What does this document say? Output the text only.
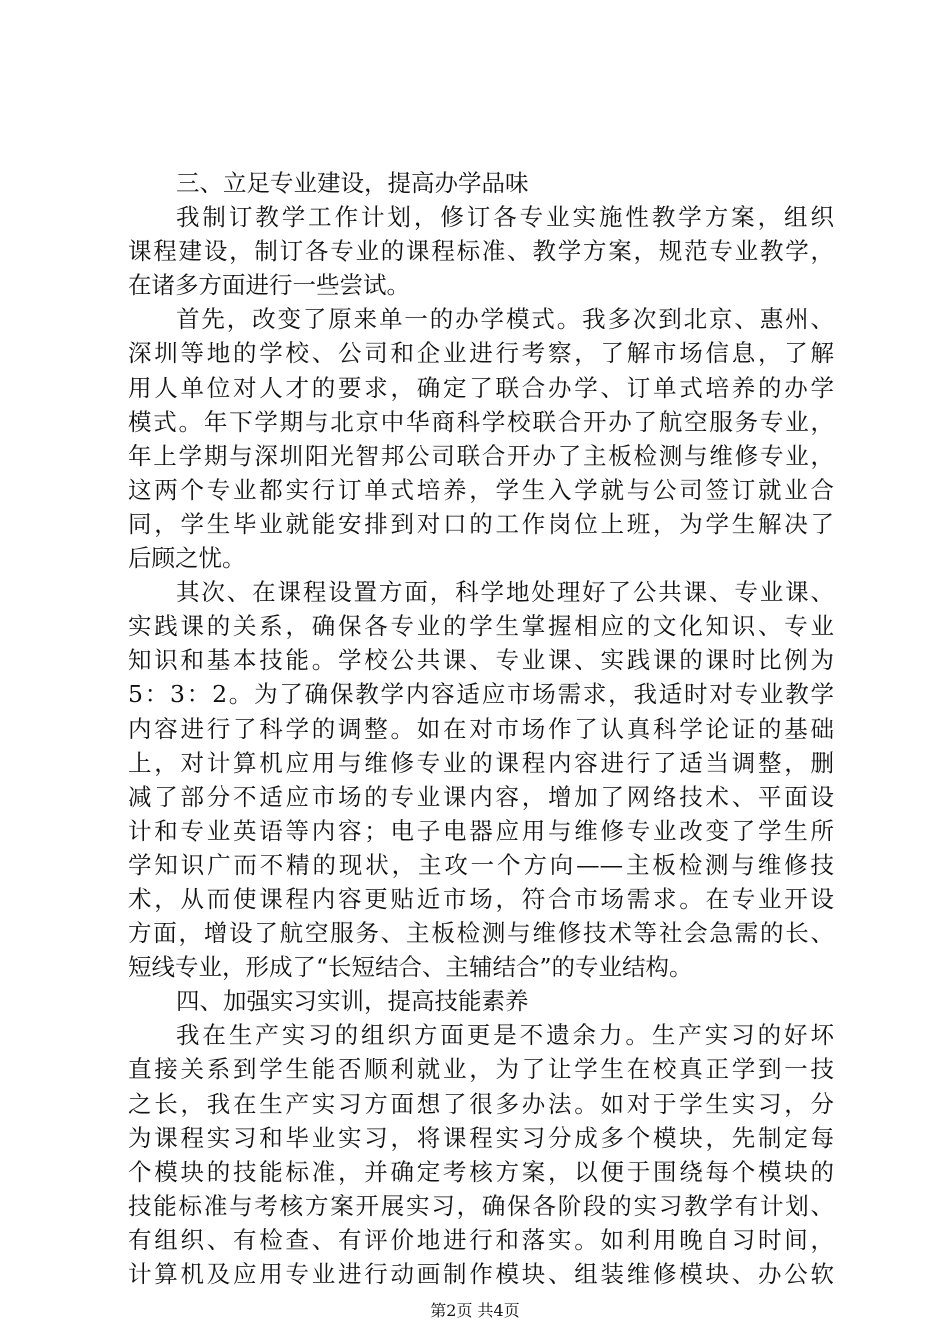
三、立足专业建设，提高办学品味
我制订教学工作计划，修订各专业实施性教学方案，组织
课程建设，制订各专业的课程标准、教学方案，规范专业教学，
在诸多方面进行一些尝试。
首先，改变了原来单一的办学模式。我多次到北京、惠州、
深圳等地的学校、公司和企业进行考察，了解市场信息，了解
用人单位对人才的要求，确定了联合办学、订单式培养的办学
模式。年下学期与北京中华商科学校联合开办了航空服务专业，
年上学期与深圳阳光智邦公司联合开办了主板检测与维修专业，
这两个专业都实行订单式培养，学生入学就与公司签订就业合
同，学生毕业就能安排到对口的工作岗位上班，为学生解决了
后顾之忧。
其次、在课程设置方面，科学地处理好了公共课、专业课、
实践课的关系，确保各专业的学生掌握相应的文化知识、专业
知识和基本技能。学校公共课、专业课、实践课的课时比例为
5：3：2。为了确保教学内容适应市场需求，我适时对专业教学
内容进行了科学的调整。如在对市场作了认真科学论证的基础
上，对计算机应用与维修专业的课程内容进行了适当调整，删
减了部分不适应市场的专业课内容，增加了网络技术、平面设
计和专业英语等内容；电子电器应用与维修专业改变了学生所
学知识广而不精的现状，主攻一个方向——主板检测与维修技
术，从而使课程内容更贴近市场，符合市场需求。在专业开设
方面，增设了航空服务、主板检测与维修技术等社会急需的长、
短线专业，形成了“长短结合、主辅结合”的专业结构。
四、加强实习实训，提高技能素养
我在生产实习的组织方面更是不遗余力。生产实习的好坏
直接关系到学生能否顺利就业，为了让学生在校真正学到一技
之长，我在生产实习方面想了很多办法。如对于学生实习，分
为课程实习和毕业实习，将课程实习分成多个模块，先制定每
个模块的技能标准，并确定考核方案，以便于围绕每个模块的
技能标准与考核方案开展实习，确保各阶段的实习教学有计划、
有组织、有检查、有评价地进行和落实。如利用晚自习时间，
计算机及应用专业进行动画制作模块、组装维修模块、办公软
第2页 共4页
